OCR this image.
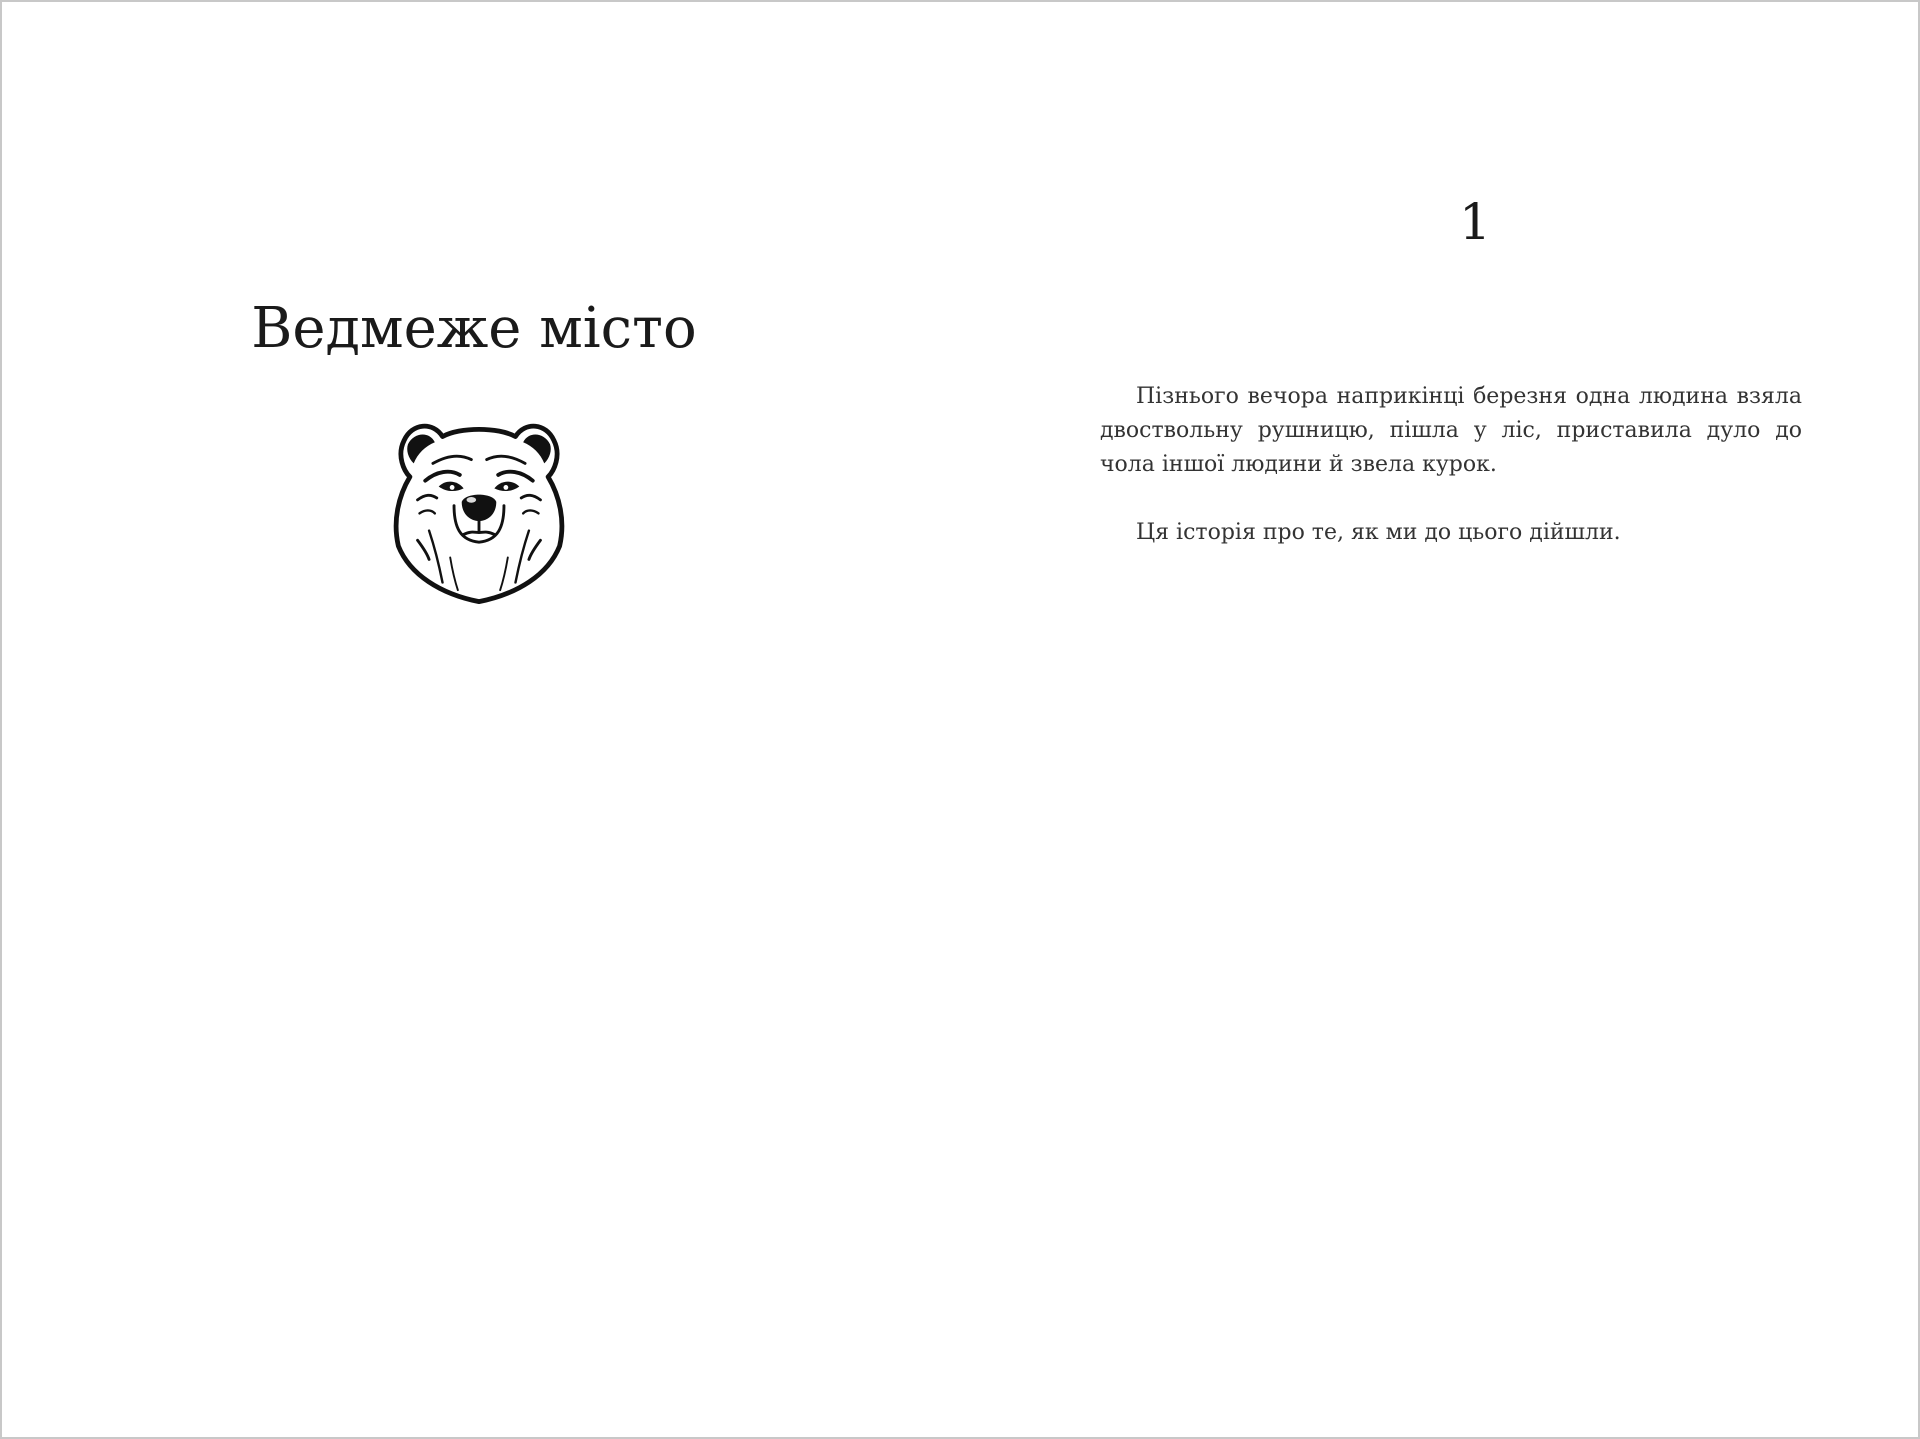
Ведмеже місто
1

Пізнього вечора наприкінці березня одна людина взяла двоствольну рушницю, пішла у ліс, приставила дуло до чола іншої людини й звела курок.

Ця історія про те, як ми до цього дійшли.
